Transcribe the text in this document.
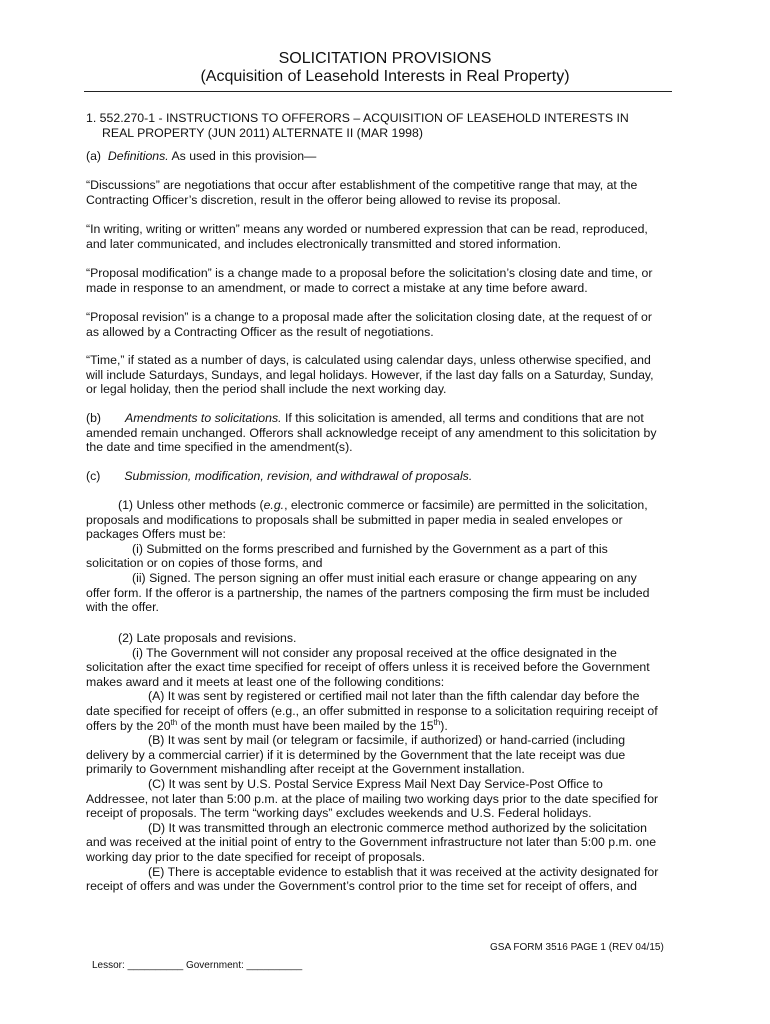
SOLICITATION PROVISIONS
(Acquisition of Leasehold Interests in Real Property)
1. 552.270-1 - INSTRUCTIONS TO OFFERORS – ACQUISITION OF LEASEHOLD INTERESTS IN
REAL PROPERTY (JUN 2011) ALTERNATE II (MAR 1998)
(a) Definitions. As used in this provision—
“Discussions” are negotiations that occur after establishment of the competitive range that may, at the
Contracting Officer’s discretion, result in the offeror being allowed to revise its proposal.
“In writing, writing or written” means any worded or numbered expression that can be read, reproduced,
and later communicated, and includes electronically transmitted and stored information.
“Proposal modification” is a change made to a proposal before the solicitation’s closing date and time, or
made in response to an amendment, or made to correct a mistake at any time before award.
“Proposal revision” is a change to a proposal made after the solicitation closing date, at the request of or
as allowed by a Contracting Officer as the result of negotiations.
“Time,” if stated as a number of days, is calculated using calendar days, unless otherwise specified, and
will include Saturdays, Sundays, and legal holidays. However, if the last day falls on a Saturday, Sunday,
or legal holiday, then the period shall include the next working day.
(b) Amendments to solicitations. If this solicitation is amended, all terms and conditions that are not
amended remain unchanged. Offerors shall acknowledge receipt of any amendment to this solicitation by
the date and time specified in the amendment(s).
(c) Submission, modification, revision, and withdrawal of proposals.
(1) Unless other methods (e.g., electronic commerce or facsimile) are permitted in the solicitation,
proposals and modifications to proposals shall be submitted in paper media in sealed envelopes or
packages Offers must be:
(i) Submitted on the forms prescribed and furnished by the Government as a part of this
solicitation or on copies of those forms, and
(ii) Signed. The person signing an offer must initial each erasure or change appearing on any
offer form. If the offeror is a partnership, the names of the partners composing the firm must be included
with the offer.
(2) Late proposals and revisions.
(i) The Government will not consider any proposal received at the office designated in the
solicitation after the exact time specified for receipt of offers unless it is received before the Government
makes award and it meets at least one of the following conditions:
(A) It was sent by registered or certified mail not later than the fifth calendar day before the
date specified for receipt of offers (e.g., an offer submitted in response to a solicitation requiring receipt of
offers by the 20th of the month must have been mailed by the 15th).
(B) It was sent by mail (or telegram or facsimile, if authorized) or hand-carried (including
delivery by a commercial carrier) if it is determined by the Government that the late receipt was due
primarily to Government mishandling after receipt at the Government installation.
(C) It was sent by U.S. Postal Service Express Mail Next Day Service-Post Office to
Addressee, not later than 5:00 p.m. at the place of mailing two working days prior to the date specified for
receipt of proposals. The term “working days” excludes weekends and U.S. Federal holidays.
(D) It was transmitted through an electronic commerce method authorized by the solicitation
and was received at the initial point of entry to the Government infrastructure not later than 5:00 p.m. one
working day prior to the date specified for receipt of proposals.
(E) There is acceptable evidence to establish that it was received at the activity designated for
receipt of offers and was under the Government’s control prior to the time set for receipt of offers, and
GSA FORM 3516 PAGE 1 (REV 04/15)
Lessor: __________ Government: __________
